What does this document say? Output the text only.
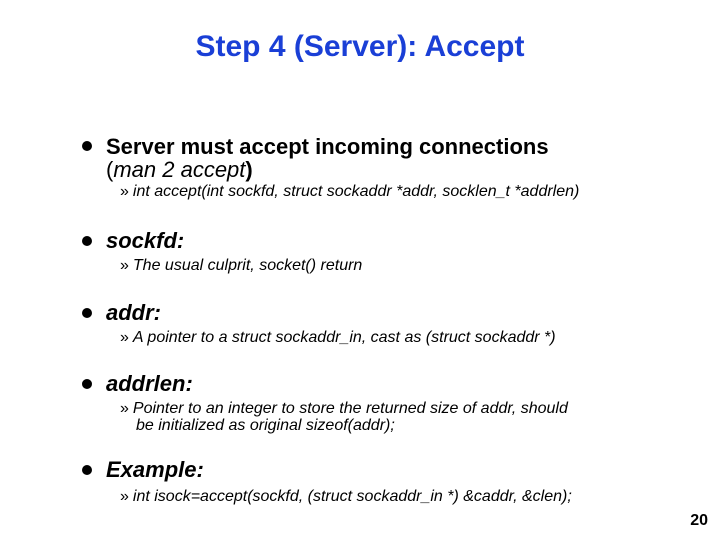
Step 4 (Server): Accept
Server must accept incoming connections
(man 2 accept)
» int accept(int sockfd, struct sockaddr *addr, socklen_t *addrlen)
sockfd:
» The usual culprit, socket() return
addr:
» A pointer to a struct sockaddr_in, cast as (struct sockaddr *)
addrlen:
» Pointer to an integer to store the returned size of addr, should
be initialized as original sizeof(addr);
Example:
» int isock=accept(sockfd, (struct sockaddr_in *) &caddr, &clen);
20
